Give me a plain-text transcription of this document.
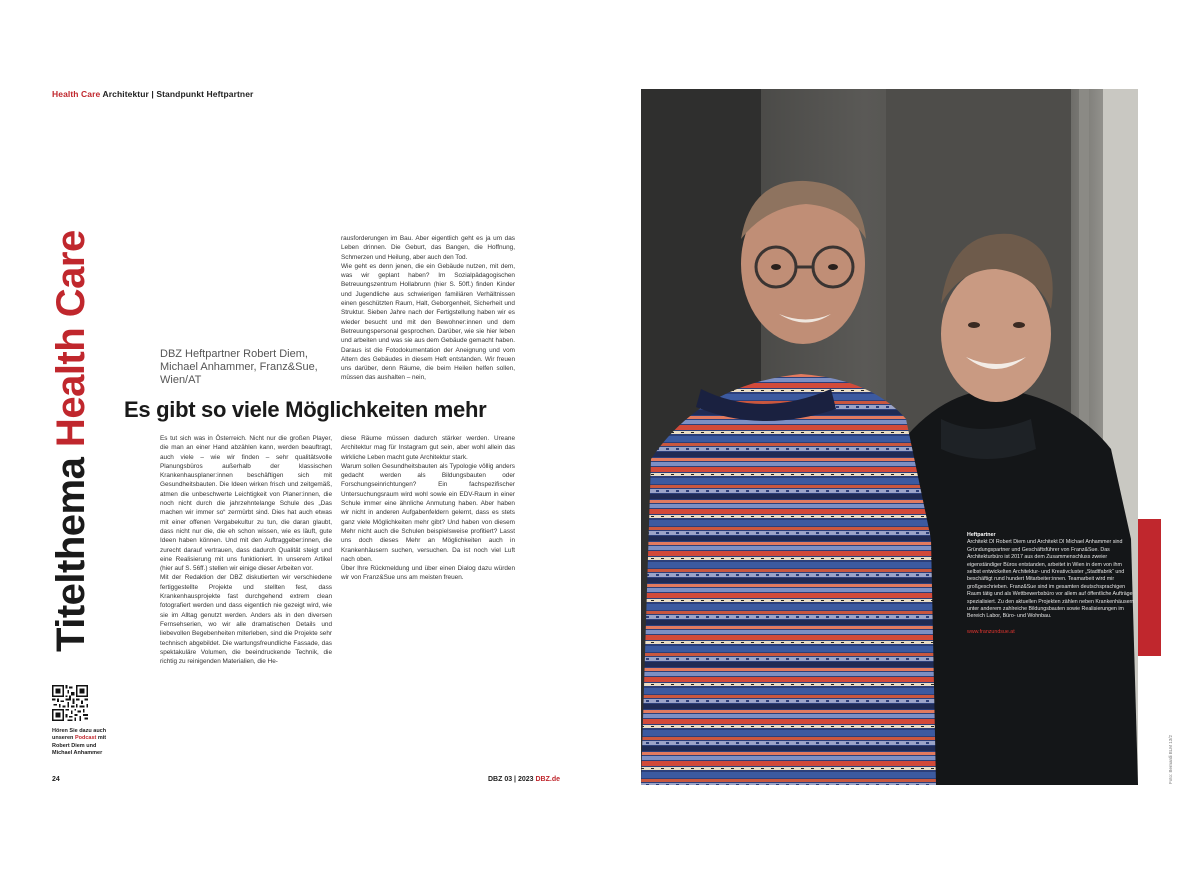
Health Care Architektur | Standpunkt Heftpartner
Titelthema Health Care	DBZ Heftpartner Robert Diem, Michael Anhammer, Franz&Sue, Wien/AT
Es gibt so viele Möglichkeiten mehr

rausforderungen im Bau. Aber eigentlich geht es ja um das Leben drinnen. Die Geburt, das Bangen, die Hoffnung, Schmerzen und Heilung, aber auch den Tod.

Wie geht es denn jenen, die ein Gebäude nutzen, mit dem, was wir geplant haben? Im Sozialpädagogischen Betreuungszentrum Hollabrunn (hier S. 50ff.) finden Kinder und Jugendliche aus schwierigen familiären Verhältnissen einen geschützten Raum, Halt, Geborgenheit, Sicherheit und Struktur. Sieben Jahre nach der Fertigstellung haben wir es wieder besucht und mit den Bewohner:innen und dem Betreuungspersonal gesprochen. Darüber, wie sie hier leben und arbeiten und was sie aus dem Gebäude gemacht haben. Daraus ist die Fotodokumentation der Aneignung und vom Altern des Gebäudes in diesem Heft entstanden. Wir freuen uns darüber, denn Räume, die beim Heilen helfen sollen, müssen das aushalten – nein,

Es tut sich was in Österreich. Nicht nur die großen Player, die man an einer Hand abzählen kann, werden beauftragt, auch viele – wie wir finden – sehr qualitätsvolle Planungsbüros außerhalb der klassischen Krankenhausplaner:innen beschäftigen sich mit Gesundheitsbauten. Die Ideen wirken frisch und zeitgemäß, atmen die unbeschwerte Leichtigkeit von Planer:innen, die noch nicht durch die jahrzehntelange Schule des „Das machen wir immer so“ zermürbt sind. Dies hat auch etwas mit einer offenen Vergabekultur zu tun, die daran glaubt, dass nicht nur die, die eh schon wissen, wie es läuft, gute Ideen haben können. Und mit den Auftraggeber:innen, die zurecht darauf vertrauen, dass dadurch Qualität steigt und eine Realisierung mit uns funktioniert. In unserem Artikel (hier auf S. 56ff.) stellen wir einige dieser Arbeiten vor.

Mit der Redaktion der DBZ diskutierten wir verschiedene fertiggestellte Projekte und stellten fest, dass Krankenhausprojekte fast durchgehend extrem clean fotografiert werden und dass eigentlich nie gezeigt wird, wie sie im Alltag genutzt werden. Anders als in den diversen Fernsehserien, wo wir alle dramatischen Details und liebevollen Begebenheiten miterleben, sind die Projekte sehr technisch abgebildet. Die wartungsfreundliche Fassade, das spektakuläre Volumen, die beeindruckende Technik, die richtig zu reinigenden Materialien, die He-

diese Räume müssen dadurch stärker werden. Ureane Architektur mag für Instagram gut sein, aber wohl allein das wirkliche Leben macht gute Architektur stark.

Warum sollen Gesundheitsbauten als Typologie völlig anders gedacht werden als Bildungsbauten oder Forschungseinrichtungen? Ein fachspezifischer Untersuchungsraum wird wohl sowie ein EDV-Raum in einer Schule immer eine ähnliche Anmutung haben. Aber haben wir nicht in anderen Aufgabenfeldern gelernt, dass es stets ganz viele Möglichkeiten mehr gibt? Und haben von diesem Mehr nicht auch die Schulen beispielsweise profitiert? Lasst uns doch dieses Mehr an Möglichkeiten auch in Krankenhäusern suchen, versuchen. Da ist noch viel Luft nach oben.

Über Ihre Rückmeldung und über einen Dialog dazu würden wir von Franz&Sue uns am meisten freuen.

Hören Sie dazu auch unseren Podcast mit Robert Diem und Michael Anhammer
24	DBZ 03 | 2023 DBZ.de
Heftpartner
Architekt DI Robert Diem und Architekt DI Michael Anhammer sind Gründungspartner und Geschäftsführer von Franz&Sue. Das Architekturbüro ist 2017 aus dem Zusammenschluss zweier eigenständiger Büros entstanden, arbeitet in Wien in dem von ihm selbst entwickelten Architektur- und Kreativcluster „Stadtfabrik“ und beschäftigt rund hundert Mitarbeiter:innen. Teamarbeit wird mir großgeschrieben. Franz&Sue sind im gesamten deutschsprachigen Raum tätig und als Wettbewerbsbüro vor allem auf öffentliche Aufträge spezialisiert. Zu den aktuellen Projekten zählen neben Krankenhäusern unter anderem zahlreiche Bildungsbauten sowie Realisierungen im Bereich Labor, Büro- und Wohnbau.
www.franzundsue.at
Foto: Bernardi BLM 13/2
